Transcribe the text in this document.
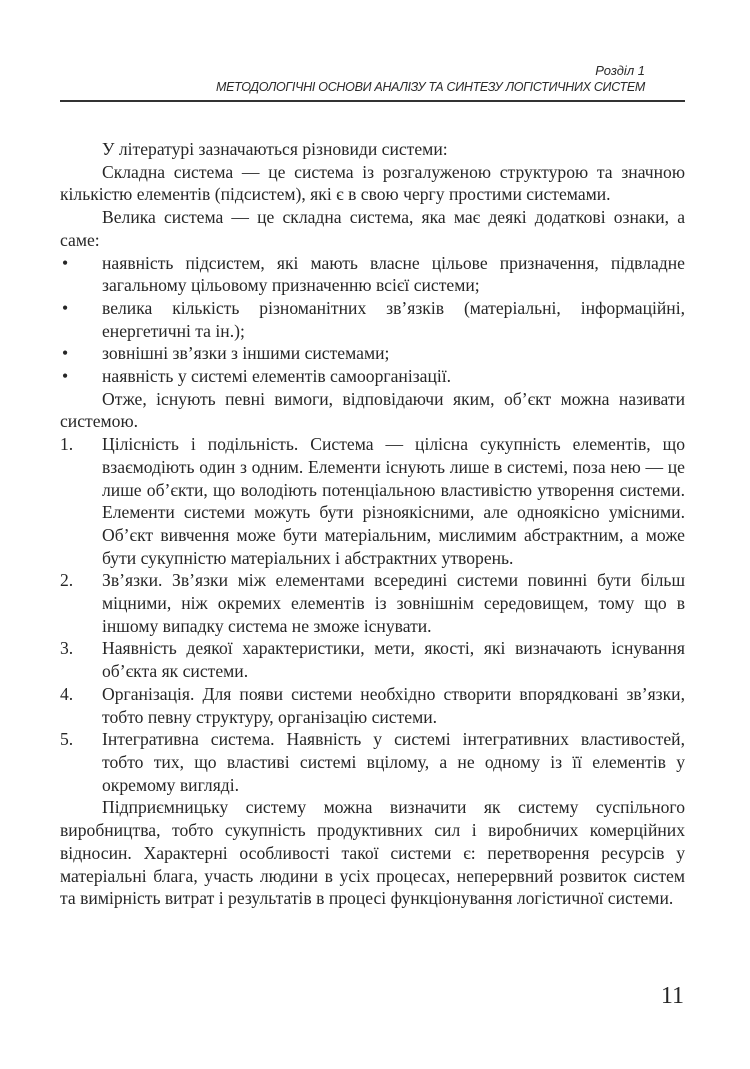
Розділ 1
МЕТОДОЛОГІЧНІ ОСНОВИ АНАЛІЗУ ТА СИНТЕЗУ ЛОГІСТИЧНИХ СИСТЕМ

У літературі зазначаються різновиди системи:

Складна система — це система із розгалуженою структурою та значною кількістю елементів (підсистем), які є в свою чергу простими системами.

Велика система — це складна система, яка має деякі додаткові ознаки, а саме:

•	наявність підсистем, які мають власне цільове призначення, підвладне загальному цільовому призначенню всієї системи;
•	велика кількість різноманітних зв’язків (матеріальні, інформаційні, енергетичні та ін.);
•	зовнішні зв’язки з іншими системами;
•	наявність у системі елементів самоорганізації.

Отже, існують певні вимоги, відповідаючи яким, об’єкт можна називати системою.

1.	Цілісність і подільність. Система — цілісна сукупність елементів, що взаємодіють один з одним. Елементи існують лише в системі, поза нею — це лише об’єкти, що володіють потенціальною властивістю утворення системи. Елементи системи можуть бути різноякісними, але одноякісно умісними. Об’єкт вивчення може бути матеріальним, мислимим абстрактним, а може бути сукупністю матеріальних і абстрактних утворень.
2.	Зв’язки. Зв’язки між елементами всередині системи повинні бути більш міцними, ніж окремих елементів із зовнішнім середовищем, тому що в іншому випадку система не зможе існувати.
3.	Наявність деякої характеристики, мети, якості, які визначають існування об’єкта як системи.
4.	Організація. Для появи системи необхідно створити впорядковані зв’язки, тобто певну структуру, організацію системи.
5.	Інтегративна система. Наявність у системі інтегративних властивостей, тобто тих, що властиві системі вцілому, а не одному із її елементів у окремому вигляді.

Підприємницьку систему можна визначити як систему суспільного виробництва, тобто сукупність продуктивних сил і виробничих комерційних відносин. Характерні особливості такої системи є: перетворення ресурсів у матеріальні блага, участь людини в усіх процесах, неперервний розвиток систем та вимірність витрат і результатів в процесі функціонування логістичної системи.

11
